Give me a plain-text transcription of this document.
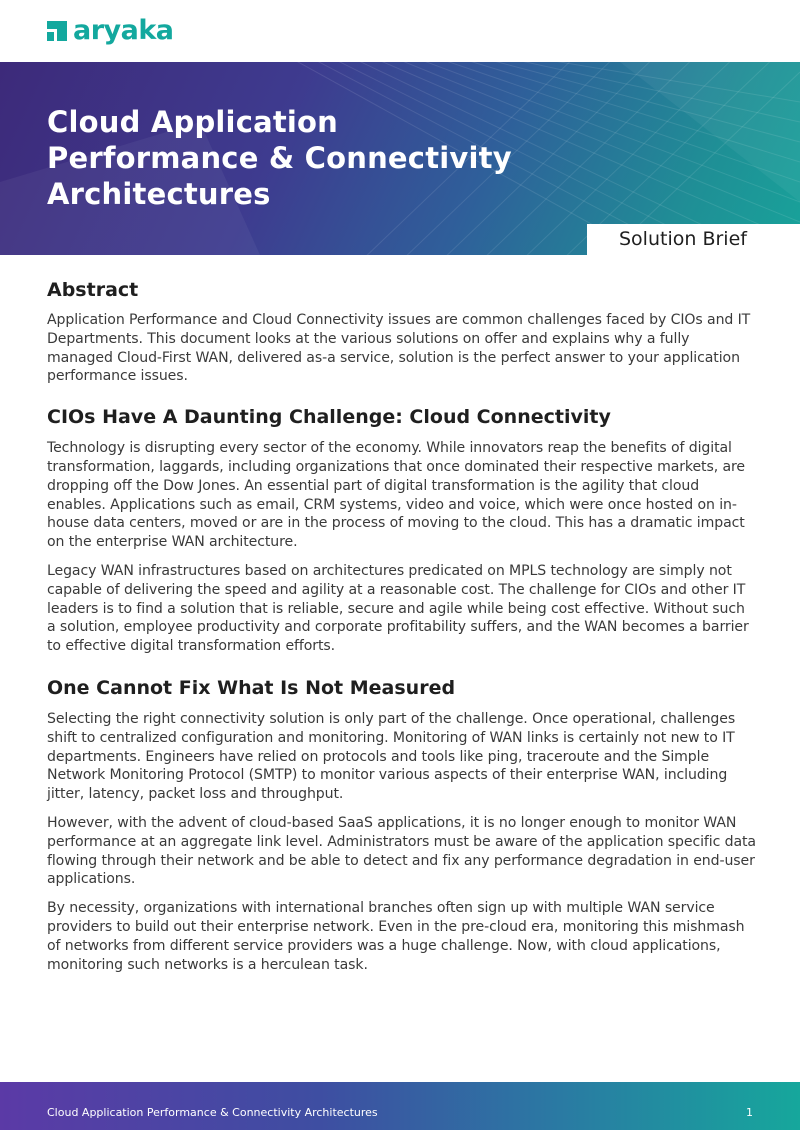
aryaka
Cloud Application
Performance & Connectivity
Architectures
Solution Brief
Abstract

Application Performance and Cloud Connectivity issues are common challenges faced by CIOs and IT Departments. This document looks at the various solutions on offer and explains why a fully managed Cloud-First WAN, delivered as-a service, solution is the perfect answer to your application performance issues.

CIOs Have A Daunting Challenge: Cloud Connectivity

Technology is disrupting every sector of the economy. While innovators reap the benefits of digital transformation, laggards, including organizations that once dominated their respective markets, are dropping off the Dow Jones. An essential part of digital transformation is the agility that cloud enables. Applications such as email, CRM systems, video and voice, which were once hosted on in-house data centers, moved or are in the process of moving to the cloud. This has a dramatic impact on the enterprise WAN architecture.

Legacy WAN infrastructures based on architectures predicated on MPLS technology are simply not capable of delivering the speed and agility at a reasonable cost. The challenge for CIOs and other IT leaders is to find a solution that is reliable, secure and agile while being cost effective. Without such a solution, employee productivity and corporate profitability suffers, and the WAN becomes a barrier to effective digital transformation efforts.

One Cannot Fix What Is Not Measured

Selecting the right connectivity solution is only part of the challenge. Once operational, challenges shift to centralized configuration and monitoring. Monitoring of WAN links is certainly not new to IT departments. Engineers have relied on protocols and tools like ping, traceroute and the Simple Network Monitoring Protocol (SMTP) to monitor various aspects of their enterprise WAN, including jitter, latency, packet loss and throughput.

However, with the advent of cloud-based SaaS applications, it is no longer enough to monitor WAN performance at an aggregate link level. Administrators must be aware of the application specific data flowing through their network and be able to detect and fix any performance degradation in end-user applications.

By necessity, organizations with international branches often sign up with multiple WAN service providers to build out their enterprise network. Even in the pre-cloud era, monitoring this mishmash of networks from different service providers was a huge challenge. Now, with cloud applications, monitoring such networks is a herculean task.

Cloud Application Performance & Connectivity Architectures	1
